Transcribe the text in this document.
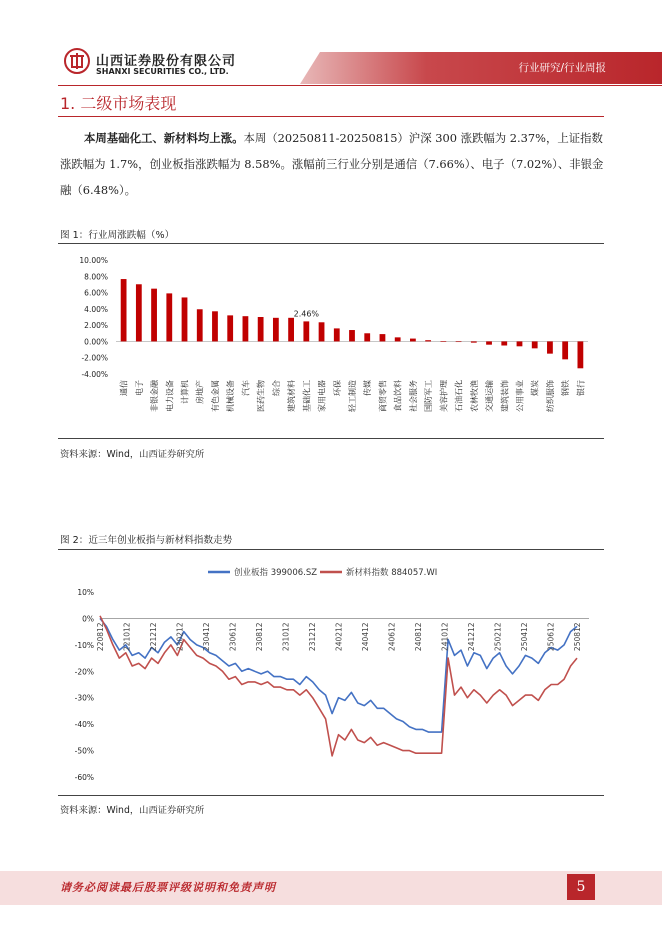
山西证券股份有限公司
SHANXI SECURITIES CO., LTD.	行业研究/行业周报
1. 二级市场表现
本周基础化工、新材料均上涨。本周（20250811-20250815）沪深 300 涨跌幅为 2.37%，上证指数涨跌幅为 1.7%，创业板指涨跌幅为 8.58%。涨幅前三行业分别是通信（7.66%）、电子（7.02%）、非银金融（6.48%）。
图 1：行业周涨跌幅（%）
10.00%
8.00%
6.00%
4.00%
2.00%
0.00%
-2.00%
-4.00%
通信 电子 非银金融 电力设备 计算机 房地产 有色金属 机械设备 汽车 医药生物 综合 建筑材料 基础化工
2.46%
家用电器 环保 轻工制造 传媒 商贸零售 食品饮料 社会服务 国防军工 美容护理 石油石化 农林牧渔 交通运输 建筑装饰 公用事业 煤炭 纺织服饰 钢铁 银行
资料来源：Wind，山西证券研究所
图 2：近三年创业板指与新材料指数走势
10%
0%
-10%
-20%
-30%
-40%
-50%
-60%
创业板指 399006.SZ	新材料指数 884057.WI
220812 221012 221212 230212 230412 230612 230812 231012 231212 240212 240412 240612 240812 241012 241212 250212 250412 250612 250812
资料来源：Wind，山西证券研究所
请务必阅读最后股票评级说明和免责声明	5
